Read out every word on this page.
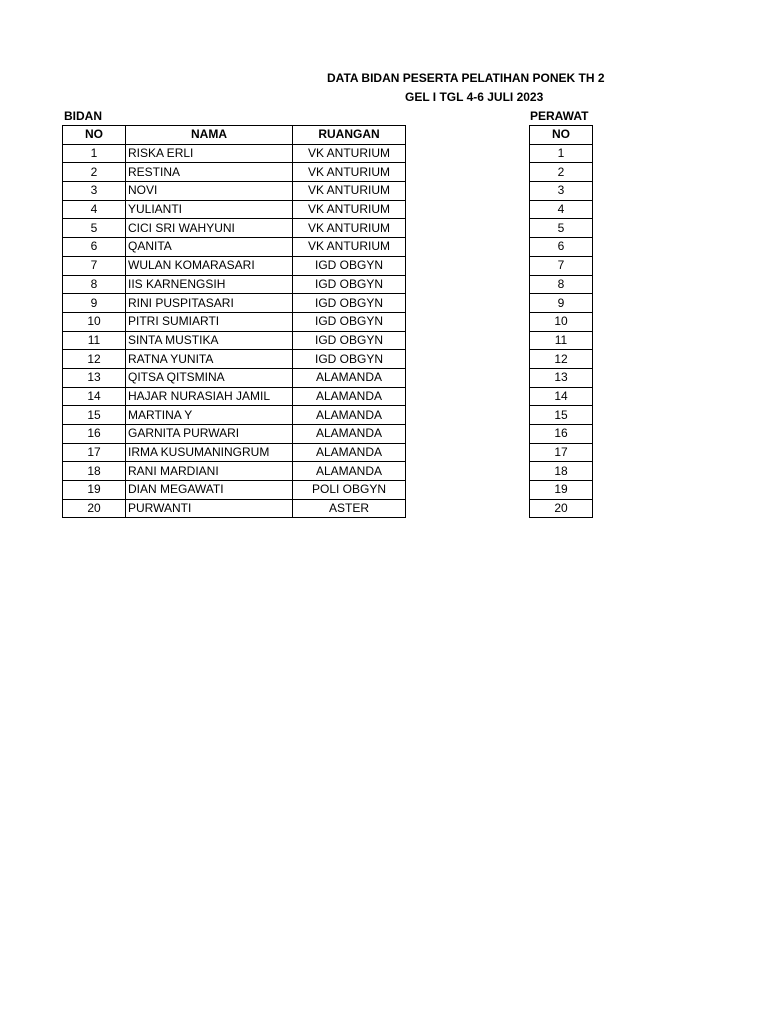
DATA BIDAN PESERTA PELATIHAN PONEK TH 2
GEL I TGL 4-6 JULI 2023
BIDAN	PERAWAT
NO	NAMA	RUANGAN
1	RISKA ERLI	VK ANTURIUM
2	RESTINA	VK ANTURIUM
3	NOVI	VK ANTURIUM
4	YULIANTI	VK ANTURIUM
5	CICI SRI WAHYUNI	VK ANTURIUM
6	QANITA	VK ANTURIUM
7	WULAN KOMARASARI	IGD OBGYN
8	IIS KARNENGSIH	IGD OBGYN
9	RINI PUSPITASARI	IGD OBGYN
10	PITRI SUMIARTI	IGD OBGYN
11	SINTA MUSTIKA	IGD OBGYN
12	RATNA YUNITA	IGD OBGYN
13	QITSA QITSMINA	ALAMANDA
14	HAJAR NURASIAH JAMIL	ALAMANDA
15	MARTINA Y	ALAMANDA
16	GARNITA PURWARI	ALAMANDA
17	IRMA KUSUMANINGRUM	ALAMANDA
18	RANI MARDIANI	ALAMANDA
19	DIAN MEGAWATI	POLI OBGYN
20	PURWANTI	ASTER
NO
1
2
3
4
5
6
7
8
9
10
11
12
13
14
15
16
17
18
19
20
